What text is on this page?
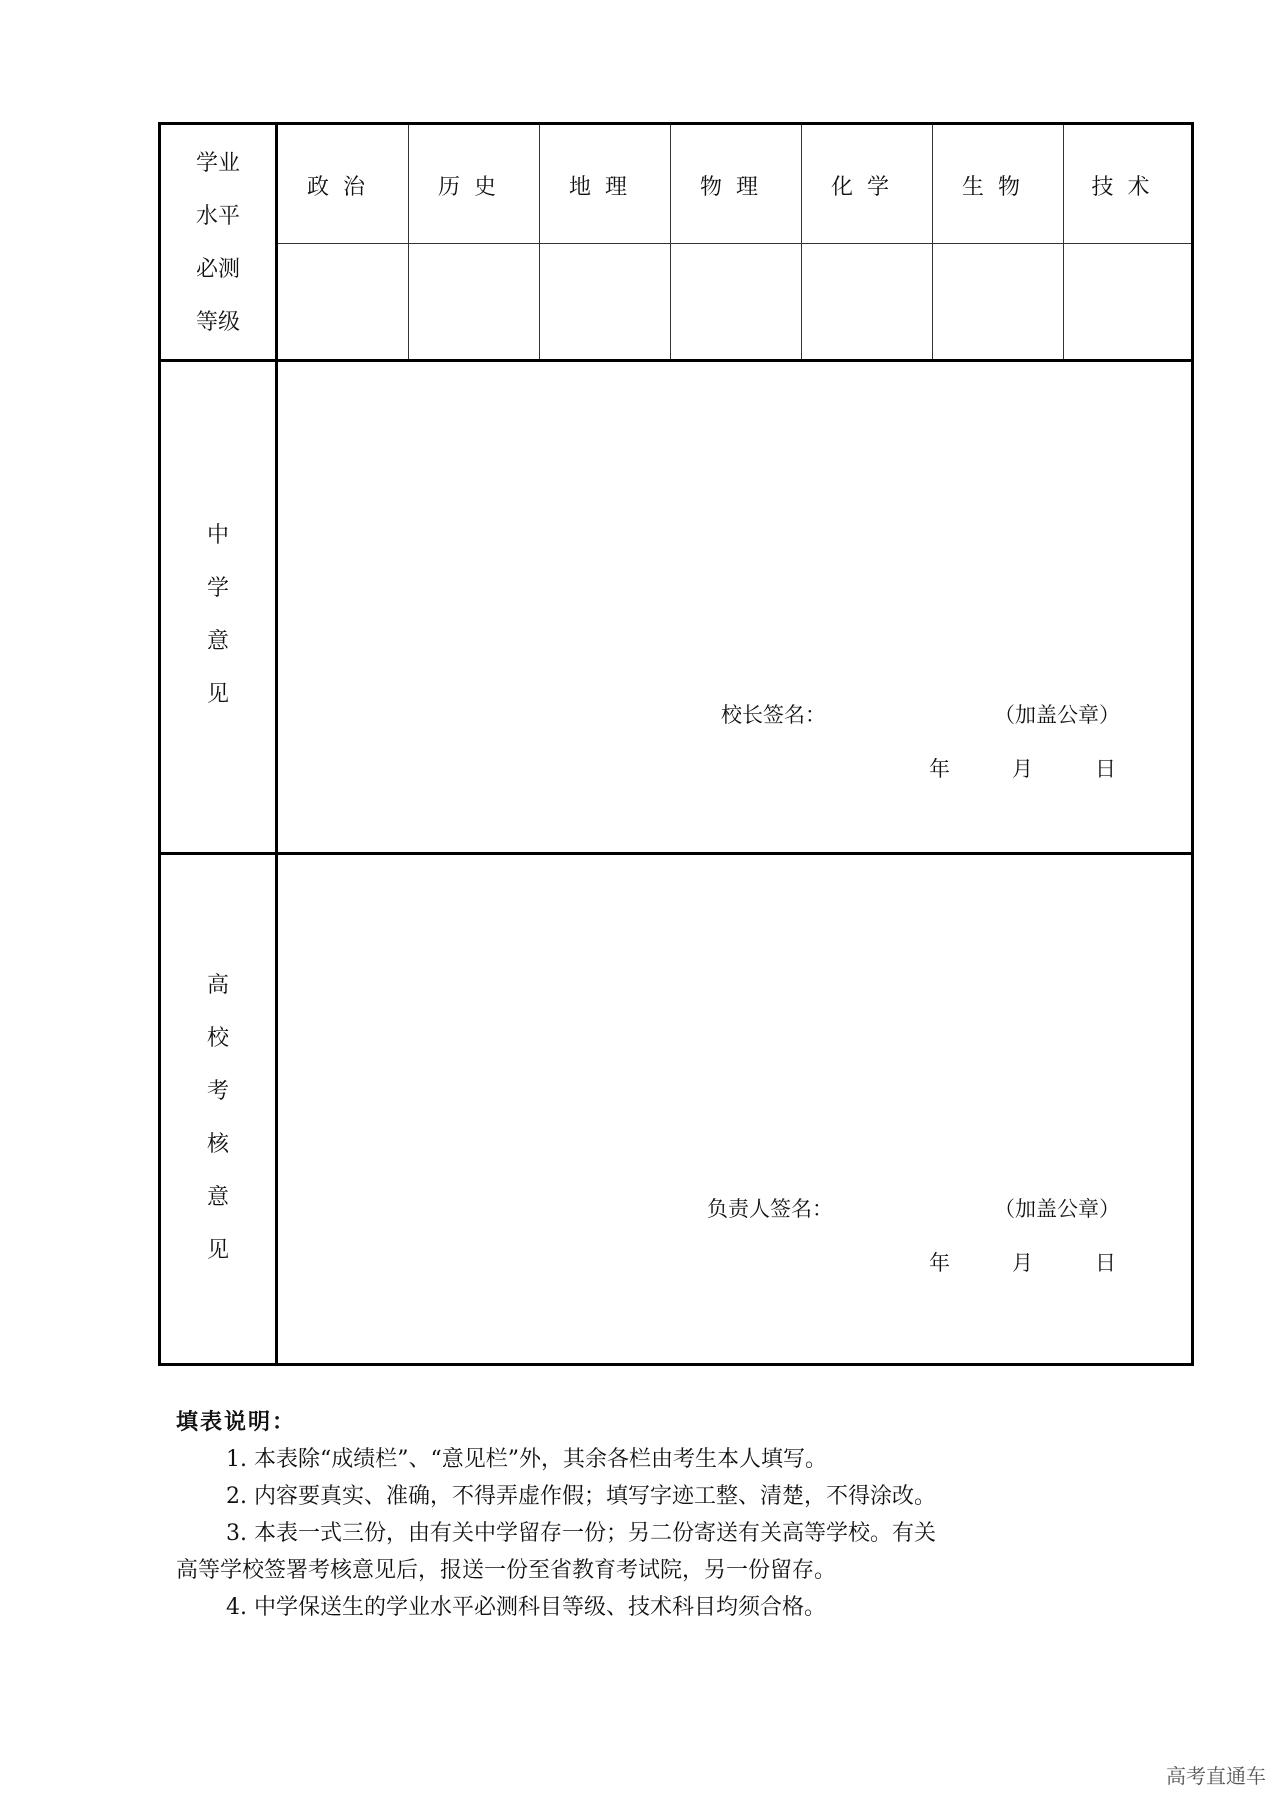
学业
水平
必测
等级
政治	历史	地理	物理	化学	生物	技术
中
学
意
见
校长签名：	（加盖公章）
年	月	日
高
校
考
核
意
见
负责人签名：	（加盖公章）
年	月	日
填表说明：
1. 本表除“成绩栏”、“意见栏”外，其余各栏由考生本人填写。
2. 内容要真实、准确，不得弄虚作假；填写字迹工整、清楚，不得涂改。
3. 本表一式三份，由有关中学留存一份；另二份寄送有关高等学校。有关
高等学校签署考核意见后，报送一份至省教育考试院，另一份留存。
4. 中学保送生的学业水平必测科目等级、技术科目均须合格。
高考直通车
